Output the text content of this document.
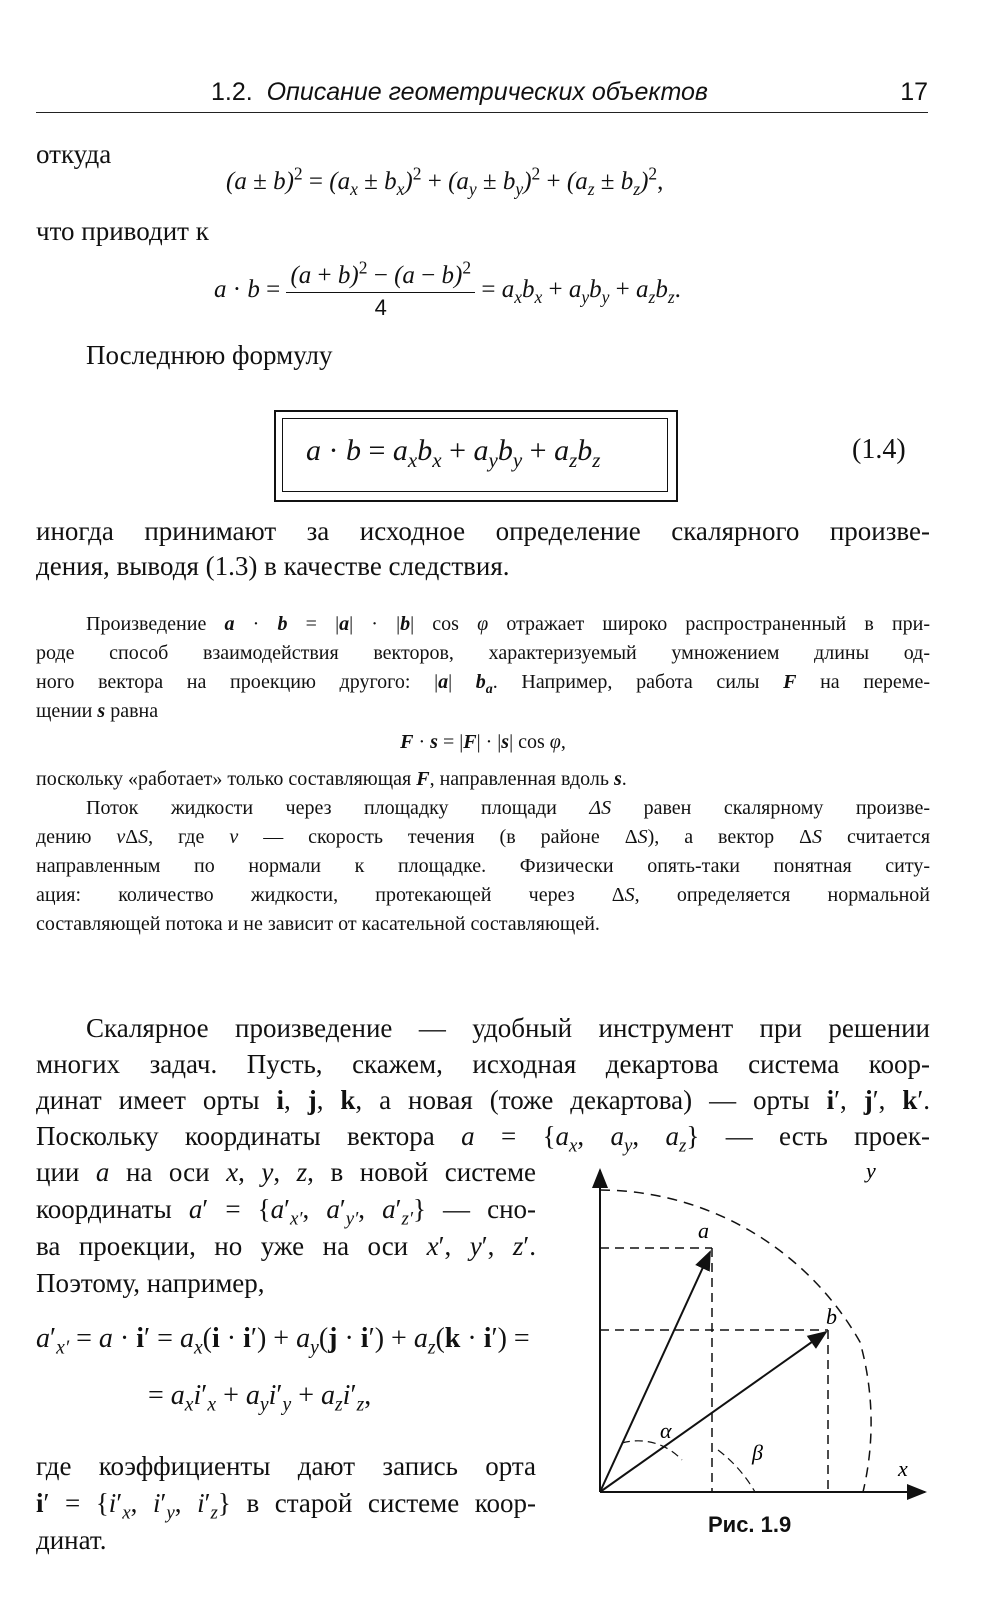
1.2. Описание геометрических объектов	17
откуда
$(a \pm b)^2 = (a_x \pm b_x)^2 + (a_y \pm b_y)^2 + (a_z \pm b_z)^2$,
что приводит к
$a \cdot b = \frac{(a + b)^2 - (a - b)^2}{4} = a_xb_x + a_yb_y + a_zb_z$.
Последнюю формулу
$a \cdot b = a_xb_x + a_yb_y + a_zb_z$	(1.4)
иногда принимают за исходное определение скалярного произве-
дения, выводя (1.3) в качестве следствия.
Произведение a · b = |a| · |b| cos φ отражает широко распространенный в при-
роде способ взаимодействия векторов, характеризуемый умножением длины од-
ного вектора на проекцию другого: |a| $b_a$. Например, работа силы F на переме-
щении s равна
F · s = |F| · |s| cos φ,
поскольку «работает» только составляющая F, направленная вдоль s.
Поток жидкости через площадку площади ΔS равен скалярному произве-
дению vΔS, где v — скорость течения (в районе ΔS), а вектор ΔS считается
направленным по нормали к площадке. Физически опять-таки понятная ситу-
ация: количество жидкости, протекающей через ΔS, определяется нормальной
составляющей потока и не зависит от касательной составляющей.
Скалярное произведение — удобный инструмент при решении
многих задач. Пусть, скажем, исходная декартова система коор-
динат имеет орты i, j, k, а новая (тоже декартова) — орты i′, j′, k′.
Поскольку координаты вектора $a = \{a_x$, $a_y$, $a_z$} — есть проек-
ции a на оси x, y, z, в новой системе
координаты $a' = \{a'_{x'}$, $a'_{y'}$, $a'_{z'}$} — сно-
ва проекции, но уже на оси x′, y′, z′.
Поэтому, например,
$a'_{x'} = a \cdot i' = a_x(i \cdot i') + a_y(j \cdot i') + a_z(k \cdot i')$ =
= $a_xi'_x + a_yi'_y + a_zi'_z$,
где коэффициенты дают запись орта
$i' = \{i'_x$, $i'_y$, $i'_z$} в старой системе коор-
динат.
y
x
a
b
α
β
Рис. 1.9
